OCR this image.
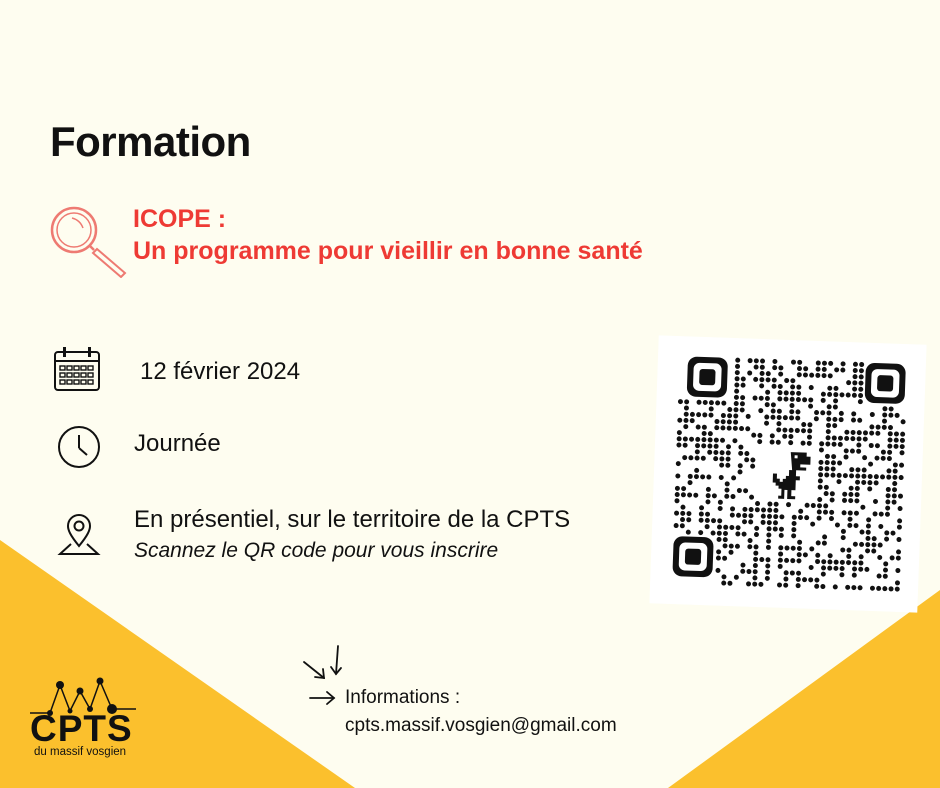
Formation
ICOPE :
Un programme pour vieillir en bonne santé
12 février 2024
Journée
En présentiel, sur le territoire de la CPTS
Scannez le QR code pour vous inscrire
CPTS
du massif vosgien
Informations :
cpts.massif.vosgien@gmail.com
